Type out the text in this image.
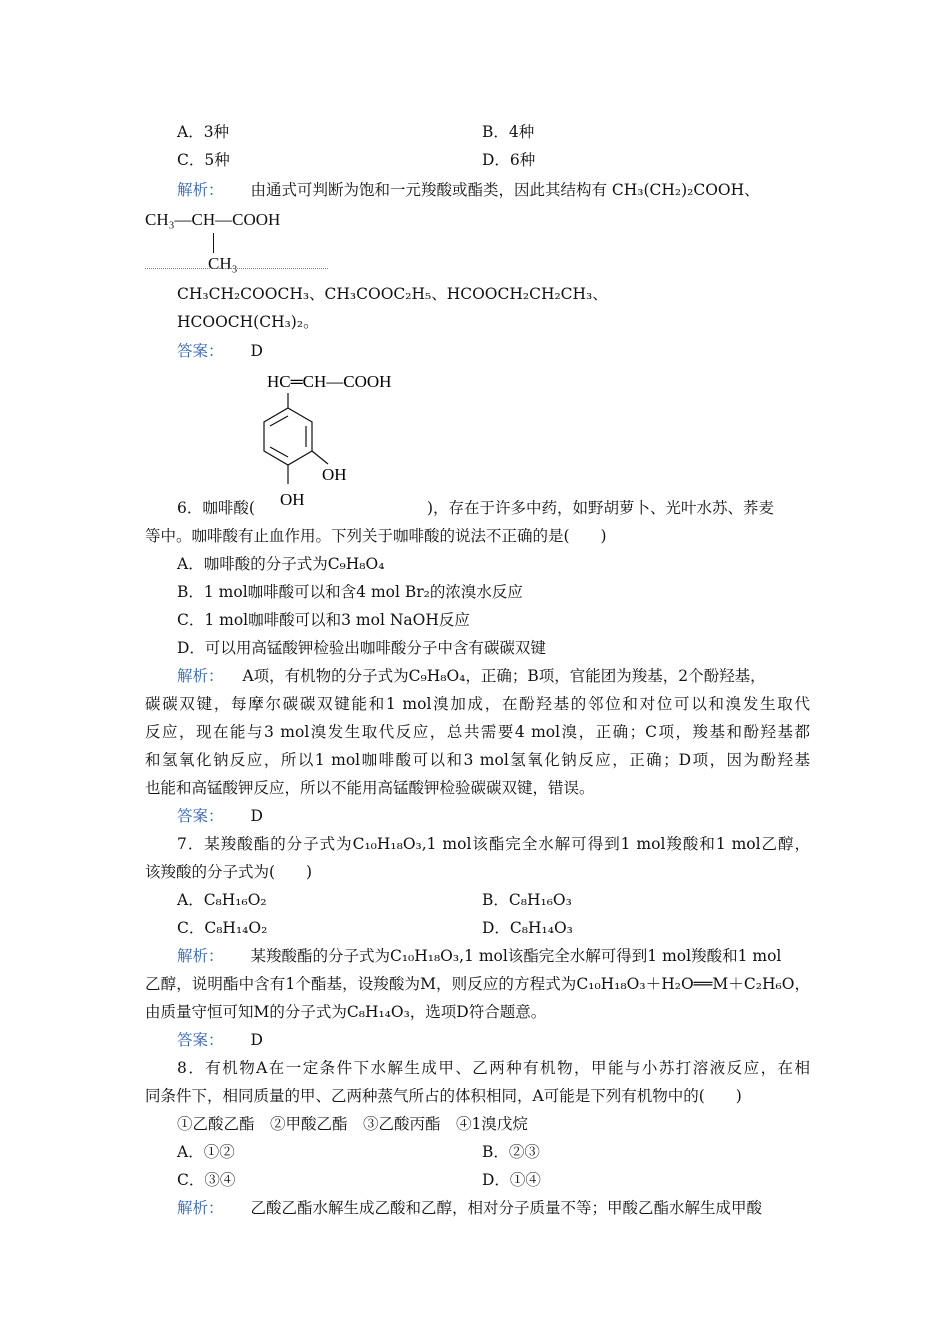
A．3种	B．4种
C．5种	D．6种
解析： 由通式可判断为饱和一元羧酸或酯类，因此其结构有 CH₃(CH₂)₂COOH、
CH₃—CH—COOH
CH₃
CH₃CH₂COOCH₃、CH₃COOC₂H₅、HCOOCH₂CH₂CH₃、
HCOOCH(CH₃)₂。
答案： D
HC═CH—COOH
OH
OH
6．咖啡酸(	)，存在于许多中药，如野胡萝卜、光叶水苏、荞麦
等中。咖啡酸有止血作用。下列关于咖啡酸的说法不正确的是(　　)
A．咖啡酸的分子式为C₉H₈O₄
B．1 mol咖啡酸可以和含4 mol Br₂的浓溴水反应
C．1 mol咖啡酸可以和3 mol NaOH反应
D．可以用高锰酸钾检验出咖啡酸分子中含有碳碳双键
解析： A项，有机物的分子式为C₉H₈O₄，正确；B项，官能团为羧基，2个酚羟基，
碳碳双键，每摩尔碳碳双键能和1 mol溴加成，在酚羟基的邻位和对位可以和溴发生取代
反应，现在能与3 mol溴发生取代反应，总共需要4 mol溴，正确；C项，羧基和酚羟基都
和氢氧化钠反应，所以1 mol咖啡酸可以和3 mol氢氧化钠反应，正确；D项，因为酚羟基
也能和高锰酸钾反应，所以不能用高锰酸钾检验碳碳双键，错误。
答案： D
7．某羧酸酯的分子式为C₁₀H₁₈O₃,1 mol该酯完全水解可得到1 mol羧酸和1 mol乙醇，
该羧酸的分子式为(　　)
A．C₈H₁₆O₂	B．C₈H₁₆O₃
C．C₈H₁₄O₂	D．C₈H₁₄O₃
解析： 某羧酸酯的分子式为C₁₀H₁₈O₃,1 mol该酯完全水解可得到1 mol羧酸和1 mol
乙醇，说明酯中含有1个酯基，设羧酸为M，则反应的方程式为C₁₀H₁₈O₃＋H₂O══M＋C₂H₆O，
由质量守恒可知M的分子式为C₈H₁₄O₃，选项D符合题意。
答案： D
8．有机物A在一定条件下水解生成甲、乙两种有机物，甲能与小苏打溶液反应，在相
同条件下，相同质量的甲、乙两种蒸气所占的体积相同，A可能是下列有机物中的(　　)
①乙酸乙酯　②甲酸乙酯　③乙酸丙酯　④1溴戊烷
A．①②	B．②③
C．③④	D．①④
解析： 乙酸乙酯水解生成乙酸和乙醇，相对分子质量不等；甲酸乙酯水解生成甲酸
